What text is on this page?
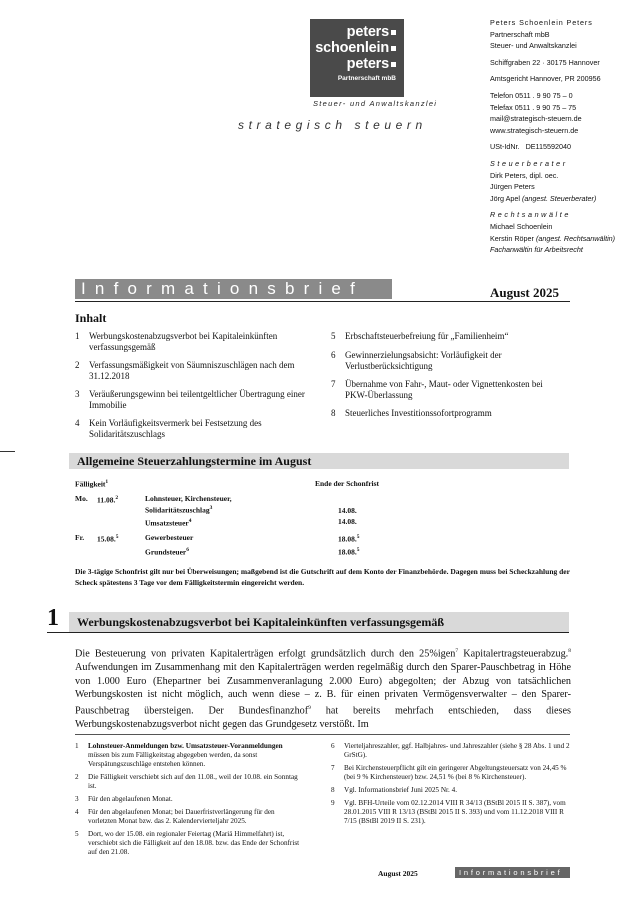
peters
schoenlein
peters
Partnerschaft mbB
Steuer- und Anwaltskanzlei
strategisch steuern
Peters Schoenlein Peters
Partnerschaft mbB
Steuer- und Anwaltskanzlei
Schiffgraben 22 · 30175 Hannover
Amtsgericht Hannover, PR 200956
Telefon 0511 . 9 90 75 – 0
Telefax 0511 . 9 90 75 – 75
mail@strategisch-steuern.de
www.strategisch-steuern.de
USt-IdNr. DE115592040
Steuerberater
Dirk Peters, dipl. oec.
Jürgen Peters
Jörg Apel (angest. Steuerberater)
Rechtsanwälte
Michael Schoenlein
Kerstin Röper (angest. Rechtsanwältin)
Fachanwältin für Arbeitsrecht
Informationsbrief	August 2025
Inhalt
1	Werbungskostenabzugsverbot bei Kapitaleinkünften verfassungsgemäß
2	Verfassungsmäßigkeit von Säumniszuschlägen nach dem 31.12.2018
3	Veräußerungsgewinn bei teilentgeltlicher Übertragung einer Immobilie
4	Kein Vorläufigkeitsvermerk bei Festsetzung des Solidaritätszuschlags
5	Erbschaftsteuerbefreiung für „Familienheim“
6	Gewinnerzielungsabsicht: Vorläufigkeit der Verlustberücksichtigung
7	Übernahme von Fahr-, Maut- oder Vignettenkosten bei PKW-Überlassung
8	Steuerliches Investitionssofortprogramm
Allgemeine Steuerzahlungstermine im August
Fälligkeit$^1$	Ende der Schonfrist
Mo. 11.08.$^2$	Lohnsteuer, Kirchensteuer,
Solidaritätszuschlag$^3$	14.08.
Umsatzsteuer$^4$	14.08.
Fr. 15.08.$^5$	Gewerbesteuer	18.08.$^5$
Grundsteuer$^6$	18.08.$^5$
Die 3-tägige Schonfrist gilt nur bei Überweisungen; maßgebend ist die Gutschrift auf dem Konto der Finanzbehörde. Dagegen muss bei Scheckzahlung der Scheck spätestens 3 Tage vor dem Fälligkeitstermin eingereicht werden.
1	Werbungskostenabzugsverbot bei Kapitaleinkünften verfassungsgemäß
Die Besteuerung von privaten Kapitalerträgen erfolgt grundsätzlich durch den 25%igen$^7$ Kapitalertragsteuerabzug.$^8$ Aufwendungen im Zusammenhang mit den Kapitalerträgen werden regelmäßig durch den Sparer-Pauschbetrag in Höhe von 1.000 Euro (Ehepartner bei Zusammenveranlagung 2.000 Euro) abgegolten; der Abzug von tatsächlichen Werbungskosten ist nicht möglich, auch wenn diese – z. B. für einen privaten Vermögensverwalter – den Sparer-Pauschbetrag übersteigen. Der Bundesfinanzhof$^9$ hat bereits mehrfach entschieden, dass dieses Werbungskostenabzugsverbot nicht gegen das Grundgesetz verstößt. Im
1	Lohnsteuer-Anmeldungen bzw. Umsatzsteuer-Voranmeldungen müssen bis zum Fälligkeitstag abgegeben werden, da sonst Verspätungszuschläge entstehen können.
2	Die Fälligkeit verschiebt sich auf den 11.08., weil der 10.08. ein Sonntag ist.
3	Für den abgelaufenen Monat.
4	Für den abgelaufenen Monat; bei Dauerfristverlängerung für den vorletzten Monat bzw. das 2. Kalendervierteljahr 2025.
5	Dort, wo der 15.08. ein regionaler Feiertag (Mariä Himmelfahrt) ist, verschiebt sich die Fälligkeit auf den 18.08. bzw. das Ende der Schonfrist auf den 21.08.
6	Vierteljahreszahler, ggf. Halbjahres- und Jahreszahler (siehe § 28 Abs. 1 und 2 GrStG).
7	Bei Kirchensteuerpflicht gilt ein geringerer Abgeltungsteuersatz von 24,45 % (bei 9 % Kirchensteuer) bzw. 24,51 % (bei 8 % Kirchensteuer).
8	Vgl. Informationsbrief Juni 2025 Nr. 4.
9	Vgl. BFH-Urteile vom 02.12.2014 VIII R 34/13 (BStBl 2015 II S. 387), vom 28.01.2015 VIII R 13/13 (BStBl 2015 II S. 393) und vom 11.12.2018 VIII R 7/15 (BStBl 2019 II S. 231).
August 2025	Informationsbrief
